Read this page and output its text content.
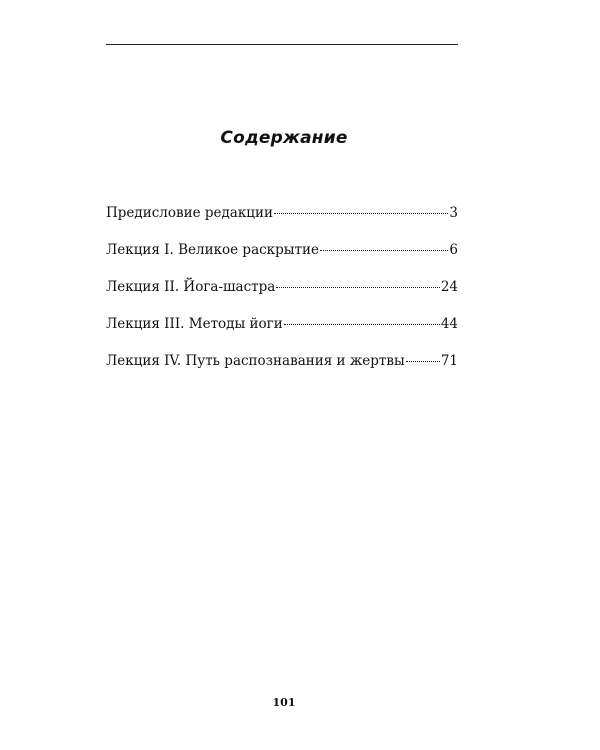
Содержание
Предисловие редакции	3
Лекция I. Великое раскрытие	6
Лекция II. Йога-шастра	24
Лекция III. Методы йоги	44
Лекция IV. Путь распознавания и жертвы	71
101
